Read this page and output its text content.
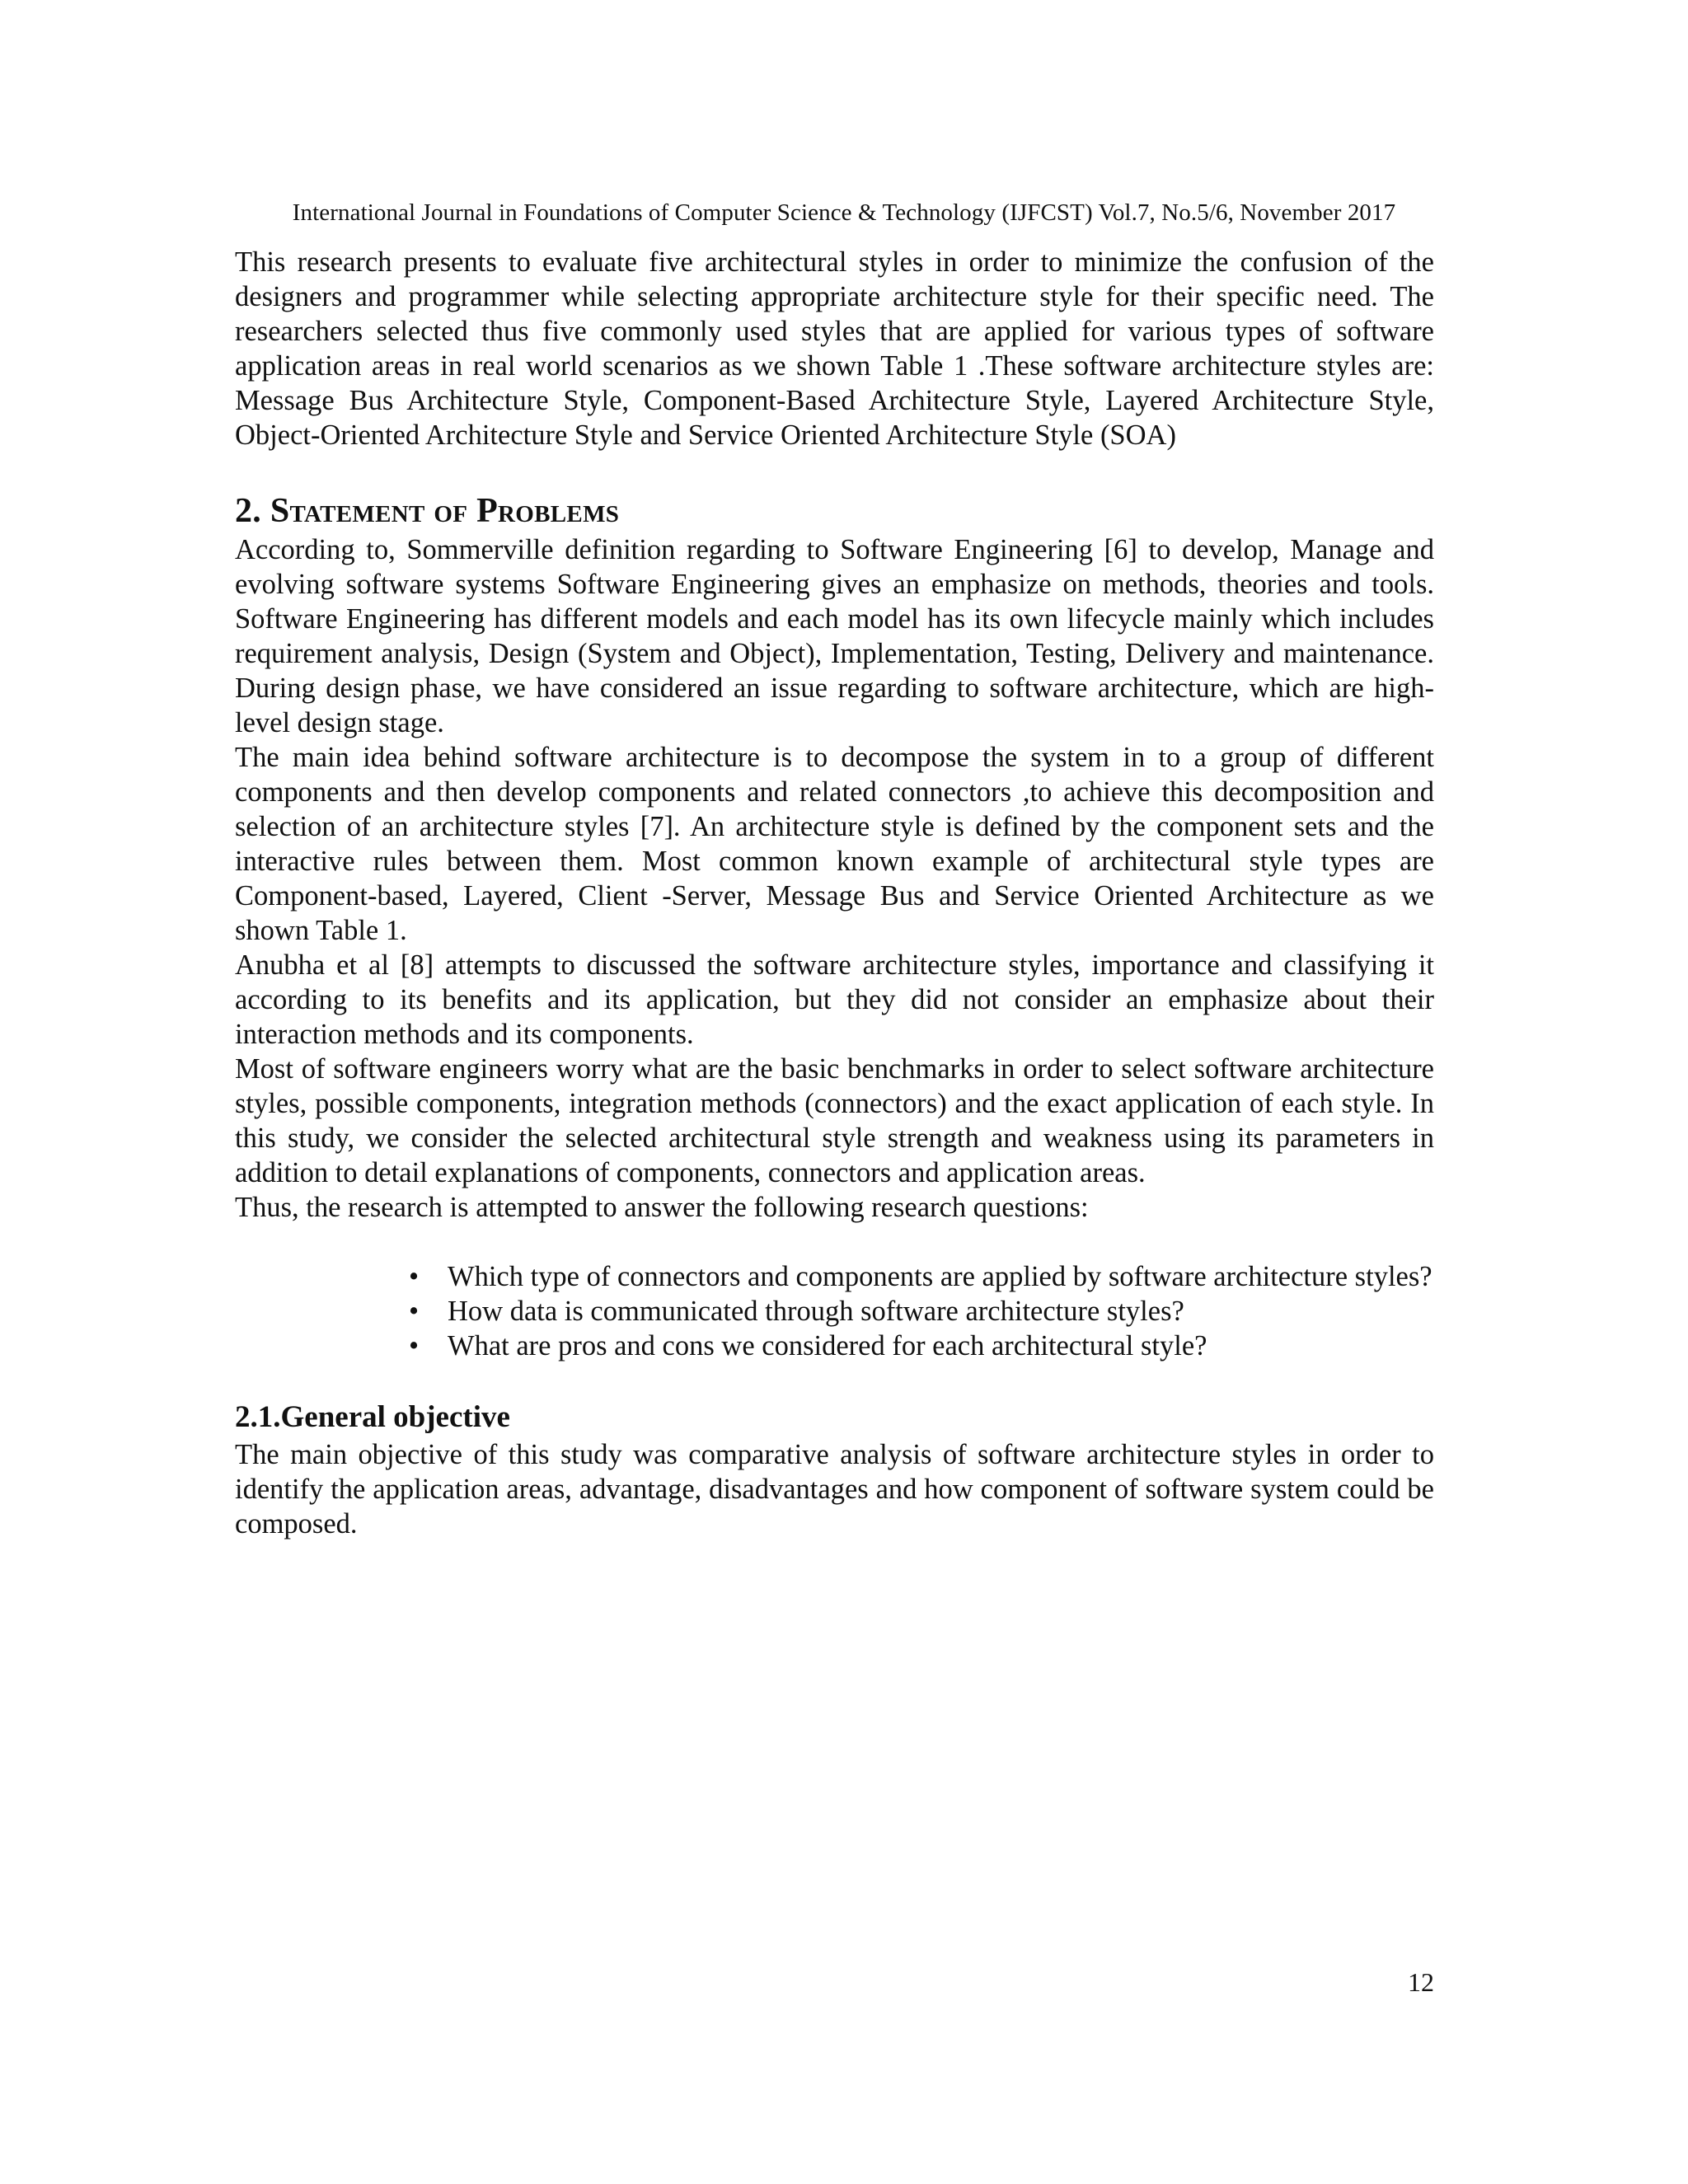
International Journal in Foundations of Computer Science & Technology (IJFCST) Vol.7, No.5/6, November 2017

This research presents to evaluate five architectural styles in order to minimize the confusion of the designers and programmer while selecting appropriate architecture style for their specific need. The researchers selected thus five commonly used styles that are applied for various types of software application areas in real world scenarios as we shown Table 1 .These software architecture styles are: Message Bus Architecture Style, Component-Based Architecture Style, Layered Architecture Style, Object-Oriented Architecture Style and Service Oriented Architecture Style (SOA)

2. Statement of Problems

According to, Sommerville definition regarding to Software Engineering [6] to develop, Manage and evolving software systems Software Engineering gives an emphasize on methods, theories and tools. Software Engineering has different models and each model has its own lifecycle mainly which includes requirement analysis, Design (System and Object), Implementation, Testing, Delivery and maintenance. During design phase, we have considered an issue regarding to software architecture, which are high-level design stage.

The main idea behind software architecture is to decompose the system in to a group of different components and then develop components and related connectors ,to achieve this decomposition and selection of an architecture styles [7]. An architecture style is defined by the component sets and the interactive rules between them. Most common known example of architectural style types are Component-based, Layered, Client -Server, Message Bus and Service Oriented Architecture as we shown Table 1.

Anubha et al [8] attempts to discussed the software architecture styles, importance and classifying it according to its benefits and its application, but they did not consider an emphasize about their interaction methods and its components.

Most of software engineers worry what are the basic benchmarks in order to select software architecture styles, possible components, integration methods (connectors) and the exact application of each style. In this study, we consider the selected architectural style strength and weakness using its parameters in addition to detail explanations of components, connectors and application areas.

Thus, the research is attempted to answer the following research questions:

• Which type of connectors and components are applied by software architecture styles?
• How data is communicated through software architecture styles?
• What are pros and cons we considered for each architectural style?
2.1.General objective

The main objective of this study was comparative analysis of software architecture styles in order to identify the application areas, advantage, disadvantages and how component of software system could be composed.

12
